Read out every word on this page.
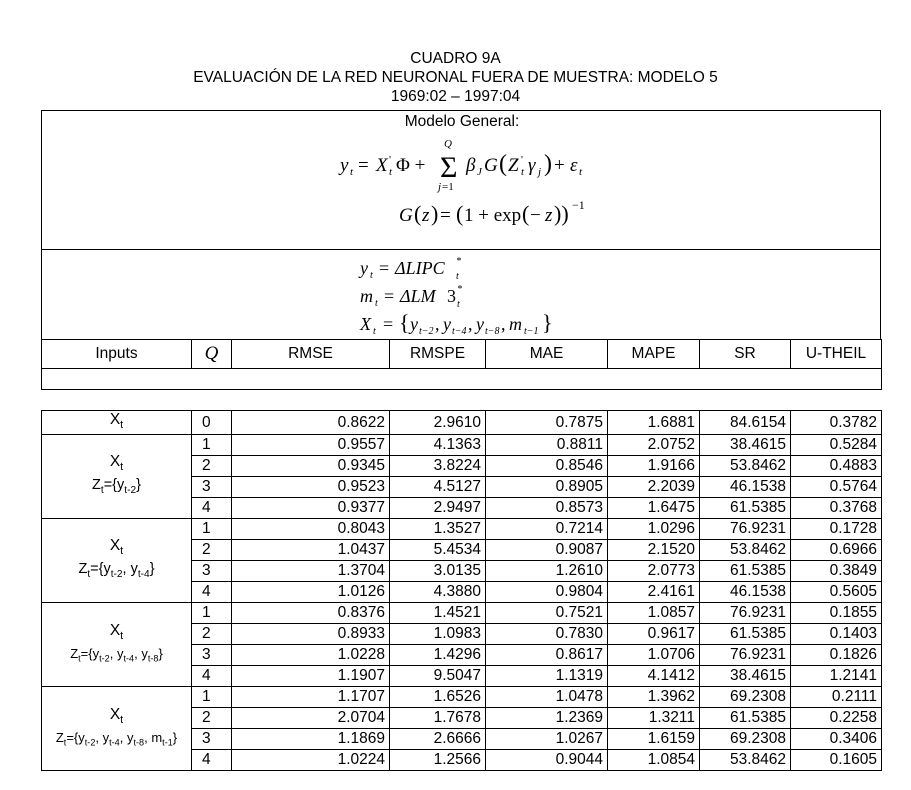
CUADRO 9A
EVALUACIÓN DE LA RED NEURONAL FUERA DE MUESTRA: MODELO 5
1969:02 – 1997:04
Modelo General:
y t = X '
t Φ + Σ
Q
j =1
β J G ( Z '
t γ j ) + ε t
G ( z ) = ( 1 + exp ( − z )) −1
y t = ΔLIPC *
t
m t = ΔLM 3 *
t
X t = { y t−2 , y t−4 , y t−8 , m t−1 }
Inputs	Q	RMSE	RMSPE	MAE	MAPE	SR	U-THEIL

$X_t$	0	0.8622	2.9610	0.7875	1.6881	84.6154	0.3782

$X_t$
$Z_t=\{y_{t-2}\}$	1	0.9557	4.1363	0.8811	2.0752	38.4615	0.5284
	2	0.9345	3.8224	0.8546	1.9166	53.8462	0.4883
	3	0.9523	4.5127	0.8905	2.2039	46.1538	0.5764
	4	0.9377	2.9497	0.8573	1.6475	61.5385	0.3768

$X_t$
$Z_t=\{y_{t-2}$, $y_{t-4}$}	1	0.8043	1.3527	0.7214	1.0296	76.9231	0.1728
	2	1.0437	5.4534	0.9087	2.1520	53.8462	0.6966
	3	1.3704	3.0135	1.2610	2.0773	61.5385	0.3849
	4	1.0126	4.3880	0.9804	2.4161	46.1538	0.5605

$X_t$
$Z_t=\{y_{t-2}$, $y_{t-4}$, $y_{t-8}$}	1	0.8376	1.4521	0.7521	1.0857	76.9231	0.1855
	2	0.8933	1.0983	0.7830	0.9617	61.5385	0.1403
	3	1.0228	1.4296	0.8617	1.0706	76.9231	0.1826
	4	1.1907	9.5047	1.1319	4.1412	38.4615	1.2141

$X_t$
$Z_t=\{y_{t-2}$, $y_{t-4}$, $y_{t-8}$, $m_{t-1}$}	1	1.1707	1.6526	1.0478	1.3962	69.2308	0.2111
	2	2.0704	1.7678	1.2369	1.3211	61.5385	0.2258
	3	1.1869	2.6666	1.0267	1.6159	69.2308	0.3406
	4	1.0224	1.2566	0.9044	1.0854	53.8462	0.1605
